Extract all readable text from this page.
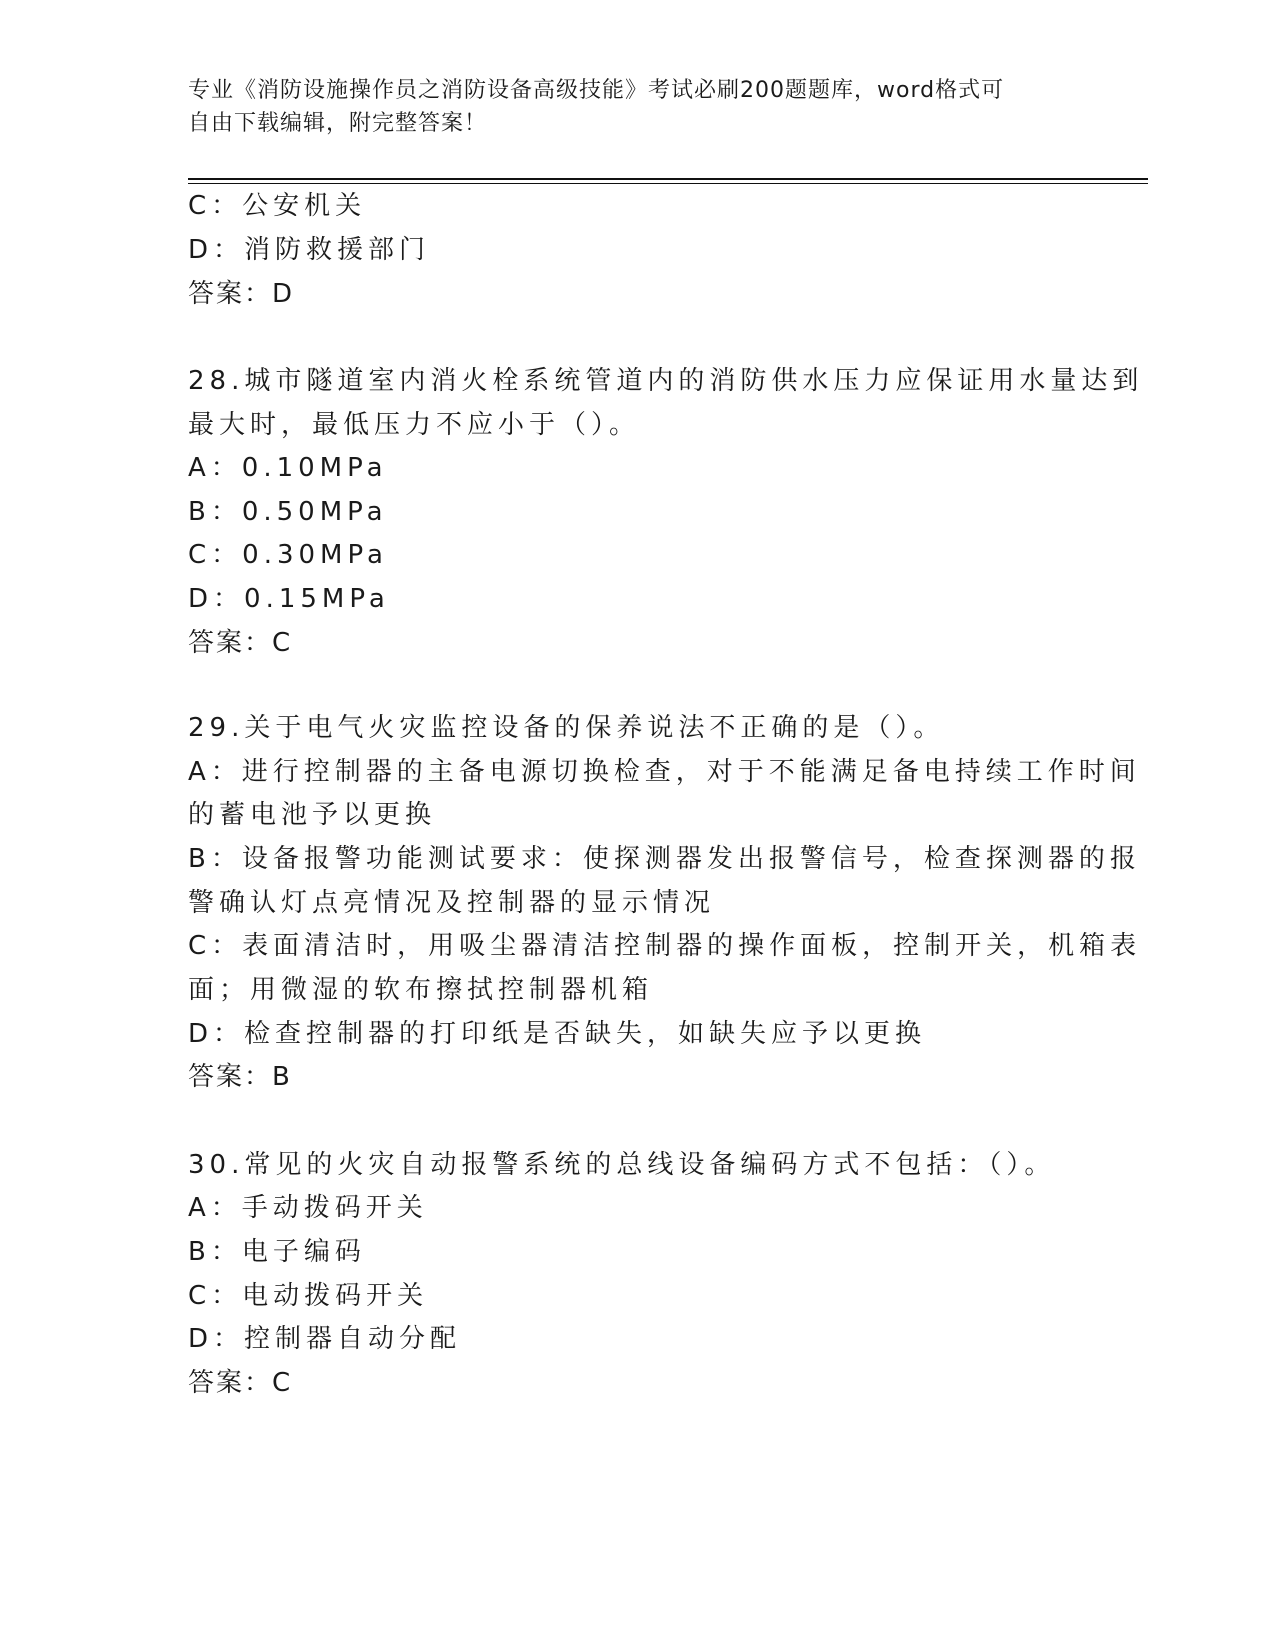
专业《消防设施操作员之消防设备高级技能》考试必刷200题题库，word格式可
自由下载编辑，附完整答案！
C：公安机关
D：消防救援部门
答案：D
28.城市隧道室内消火栓系统管道内的消防供水压力应保证用水量达到
最大时，最低压力不应小于（）。
A：0.10MPa
B：0.50MPa
C：0.30MPa
D：0.15MPa
答案：C
29.关于电气火灾监控设备的保养说法不正确的是（）。
A：进行控制器的主备电源切换检查，对于不能满足备电持续工作时间
的蓄电池予以更换
B：设备报警功能测试要求：使探测器发出报警信号，检查探测器的报
警确认灯点亮情况及控制器的显示情况
C：表面清洁时，用吸尘器清洁控制器的操作面板，控制开关，机箱表
面；用微湿的软布擦拭控制器机箱
D：检查控制器的打印纸是否缺失，如缺失应予以更换
答案：B
30.常见的火灾自动报警系统的总线设备编码方式不包括：（）。
A：手动拨码开关
B：电子编码
C：电动拨码开关
D：控制器自动分配
答案：C
